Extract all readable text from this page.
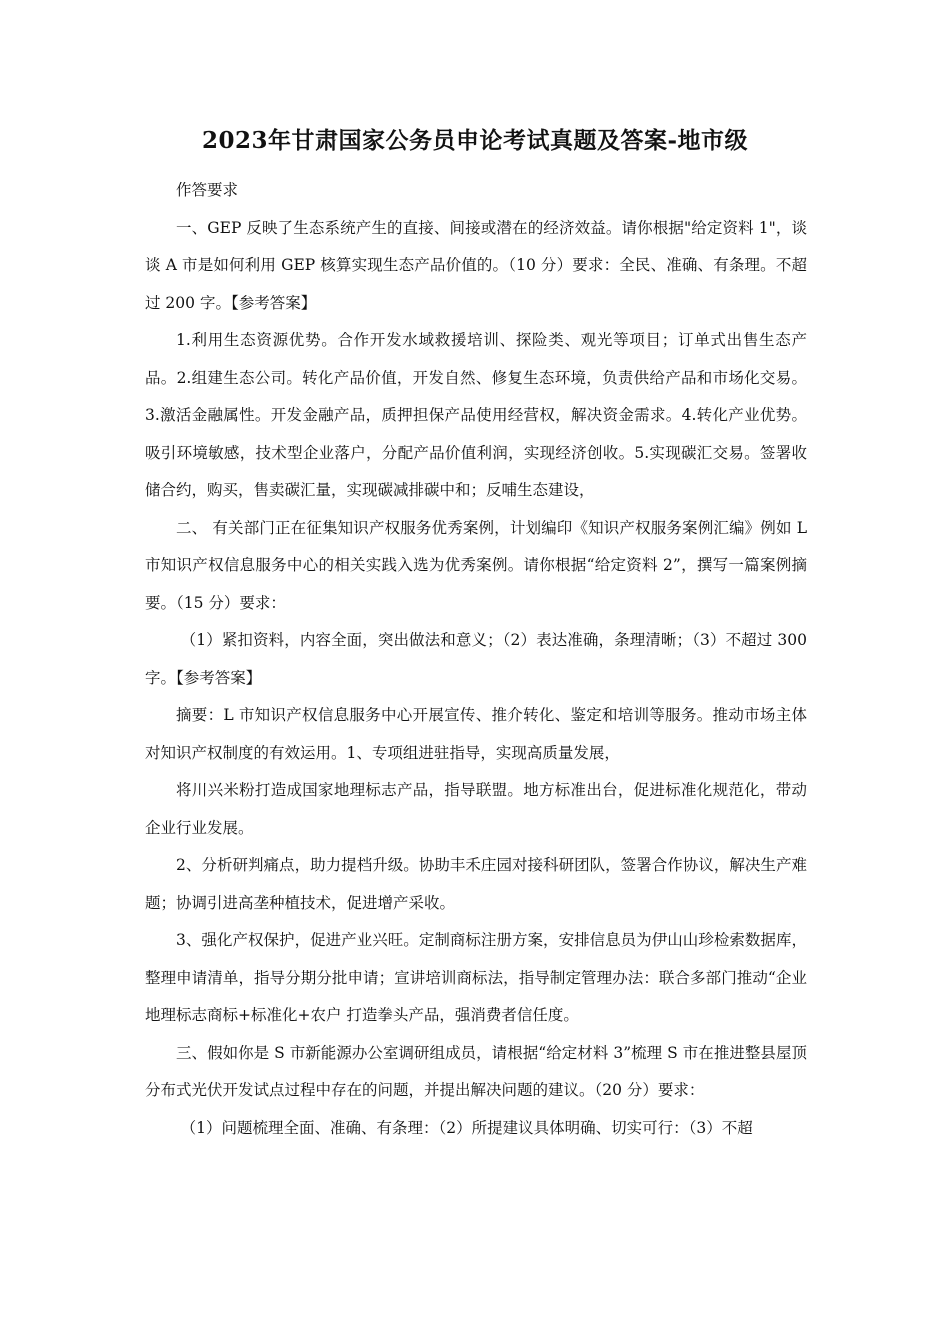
2023年甘肃国家公务员申论考试真题及答案-地市级

作答要求

一、GEP 反映了生态系统产生的直接、间接或潜在的经济效益。请你根据"给定资料 1"，谈谈 A 市是如何利用 GEP 核算实现生态产品价值的。（10 分）要求：全民、准确、有条理。不超过 200 字。【参考答案】

1.利用生态资源优势。合作开发水域救援培训、探险类、观光等项目；订单式出售生态产品。2.组建生态公司。转化产品价值，开发自然、修复生态环境，负责供给产品和市场化交易。3.激活金融属性。开发金融产品，质押担保产品使用经营权，解决资金需求。4.转化产业优势。吸引环境敏感，技术型企业落户，分配产品价值利润，实现经济创收。5.实现碳汇交易。签署收储合约，购买，售卖碳汇量，实现碳减排碳中和；反哺生态建设，

二、 有关部门正在征集知识产权服务优秀案例，计划编印《知识产权服务案例汇编》例如 L 市知识产权信息服务中心的相关实践入选为优秀案例。请你根据“给定资料 2”，撰写一篇案例摘要。（15 分）要求：

（1）紧扣资料，内容全面，突出做法和意义；（2）表达准确，条理清晰；（3）不超过 300 字。【参考答案】

摘要：L 市知识产权信息服务中心开展宣传、推介转化、鉴定和培训等服务。推动市场主体对知识产权制度的有效运用。1、专项组进驻指导，实现高质量发展，

将川兴米粉打造成国家地理标志产品，指导联盟。地方标准出台，促进标准化规范化，带动企业行业发展。

2、分析研判痛点，助力提档升级。协助丰禾庄园对接科研团队，签署合作协议，解决生产难题；协调引进高垄种植技术，促进增产采收。

3、强化产权保护，促进产业兴旺。定制商标注册方案，安排信息员为伊山山珍检索数据库，整理申请清单，指导分期分批申请；宣讲培训商标法，指导制定管理办法：联合多部门推动“企业地理标志商标+标准化+农户 打造拳头产品，强消费者信任度。

三、假如你是 S 市新能源办公室调研组成员，请根据“给定材料 3”梳理 S 市在推进整县屋顶分布式光伏开发试点过程中存在的问题，并提出解决问题的建议。（20 分）要求：

（1）问题梳理全面、准确、有条理：（2）所提建议具体明确、切实可行：（3）不超
